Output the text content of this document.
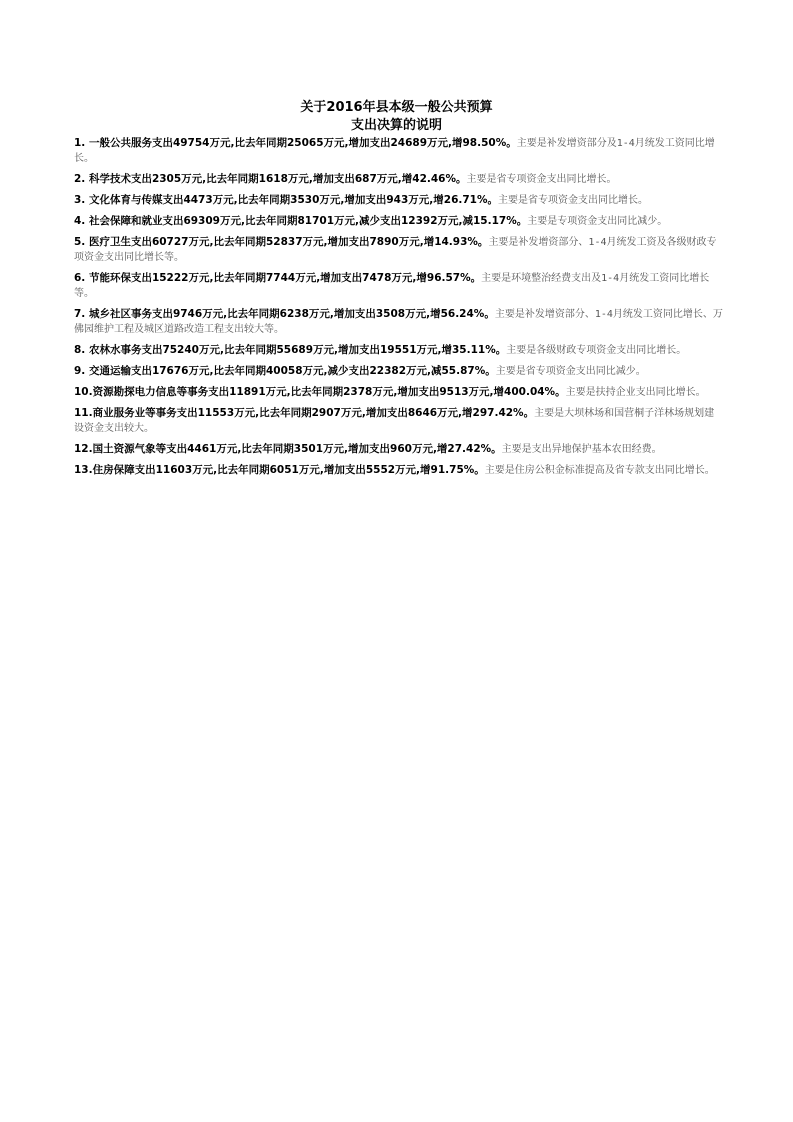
关于2016年县本级一般公共预算
支出决算的说明
1. 一般公共服务支出49754万元,比去年同期25065万元,增加支出24689万元,增98.50%。主要是补发增资部分及1-4月统发工资同比增长。
2. 科学技术支出2305万元,比去年同期1618万元,增加支出687万元,增42.46%。主要是省专项资金支出同比增长。
3. 文化体育与传媒支出4473万元,比去年同期3530万元,增加支出943万元,增26.71%。主要是省专项资金支出同比增长。
4. 社会保障和就业支出69309万元,比去年同期81701万元,减少支出12392万元,减15.17%。主要是专项资金支出同比减少。
5. 医疗卫生支出60727万元,比去年同期52837万元,增加支出7890万元,增14.93%。主要是补发增资部分、1-4月统发工资及各级财政专项资金支出同比增长等。
6. 节能环保支出15222万元,比去年同期7744万元,增加支出7478万元,增96.57%。主要是环境整治经费支出及1-4月统发工资同比增长等。
7. 城乡社区事务支出9746万元,比去年同期6238万元,增加支出3508万元,增56.24%。主要是补发增资部分、1-4月统发工资同比增长、万佛园维护工程及城区道路改造工程支出较大等。
8. 农林水事务支出75240万元,比去年同期55689万元,增加支出19551万元,增35.11%。主要是各级财政专项资金支出同比增长。
9. 交通运输支出17676万元,比去年同期40058万元,减少支出22382万元,减55.87%。主要是省专项资金支出同比减少。
10.资源勘探电力信息等事务支出11891万元,比去年同期2378万元,增加支出9513万元,增400.04%。主要是扶持企业支出同比增长。
11.商业服务业等事务支出11553万元,比去年同期2907万元,增加支出8646万元,增297.42%。主要是大坝林场和国营桐子洋林场规划建设资金支出较大。
12.国土资源气象等支出4461万元,比去年同期3501万元,增加支出960万元,增27.42%。主要是支出异地保护基本农田经费。
13.住房保障支出11603万元,比去年同期6051万元,增加支出5552万元,增91.75%。主要是住房公积金标准提高及省专款支出同比增长。
